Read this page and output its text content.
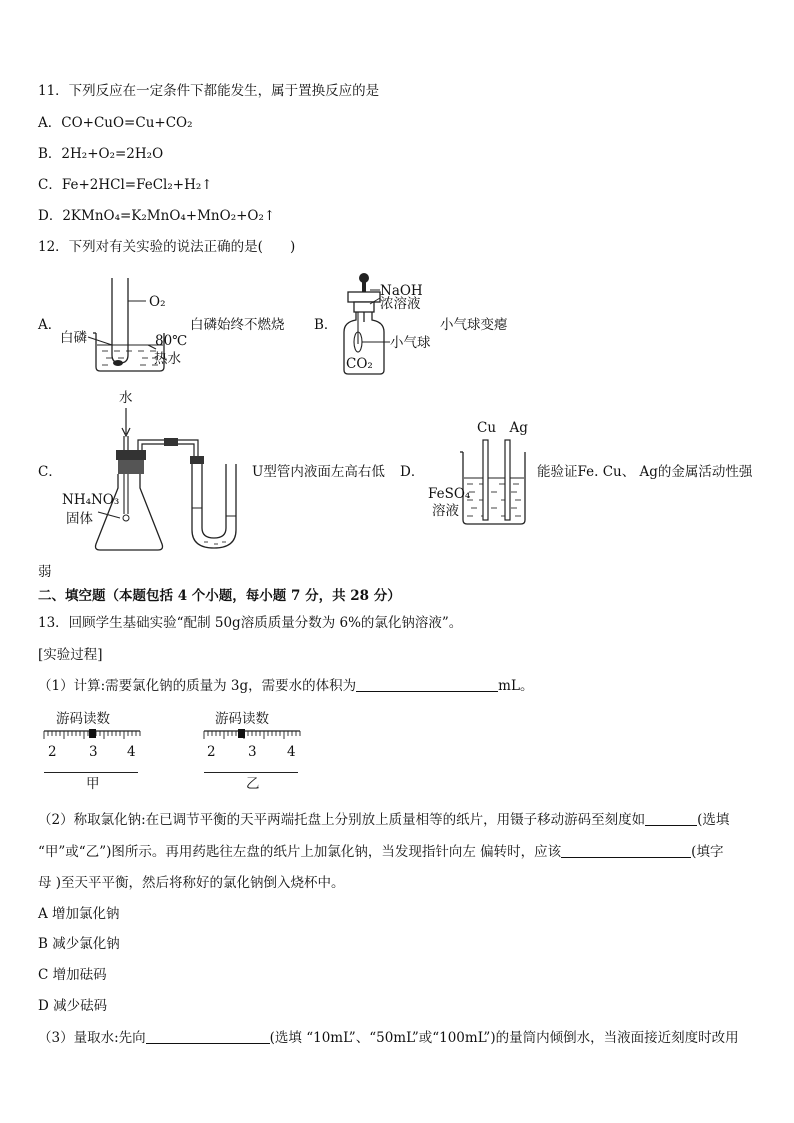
11．下列反应在一定条件下都能发生，属于置换反应的是
A．CO+CuO=Cu+CO₂
B．2H₂+O₂=2H₂O
C．Fe+2HCl=FeCl₂+H₂↑
D．2KMnO₄=K₂MnO₄+MnO₂+O₂↑
12．下列对有关实验的说法正确的是(　　)
A．
O₂
白磷	80℃
热水
白磷始终不燃烧 B．
NaOH
浓溶液
小气球
CO₂
小气球变瘪
C．
水
NH₄NO₃
固体
U型管内液面左高右低 D．
Cu　Ag
FeSO₄
溶液
能验证Fe. Cu、 Ag的金属活动性强
弱
二、填空题（本题包括 4 个小题，每小题 7 分，共 28 分）
13．回顾学生基础实验“配制 50g溶质质量分数为 6%的氯化钠溶液”。
[实验过程]
（1）计算:需要氯化钠的质量为 3g，需要水的体积为	mL。
游码读数
2 3 4
甲
游码读数
2 3 4
乙
（2）称取氯化钠:在已调节平衡的天平两端托盘上分别放上质量相等的纸片，用镊子移动游码至刻度如	(选填
“甲”或“乙”)图所示。再用药匙往左盘的纸片上加氯化钠，当发现指针向左 偏转时，应该	(填字
母 )至天平平衡，然后将称好的氯化钠倒入烧杯中。
A 增加氯化钠
B 减少氯化钠
C 增加砝码
D 减少砝码
（3）量取水:先向	(选填 “10mL”、“50mL”或“100mL”)的量筒内倾倒水，当液面接近刻度时改用
